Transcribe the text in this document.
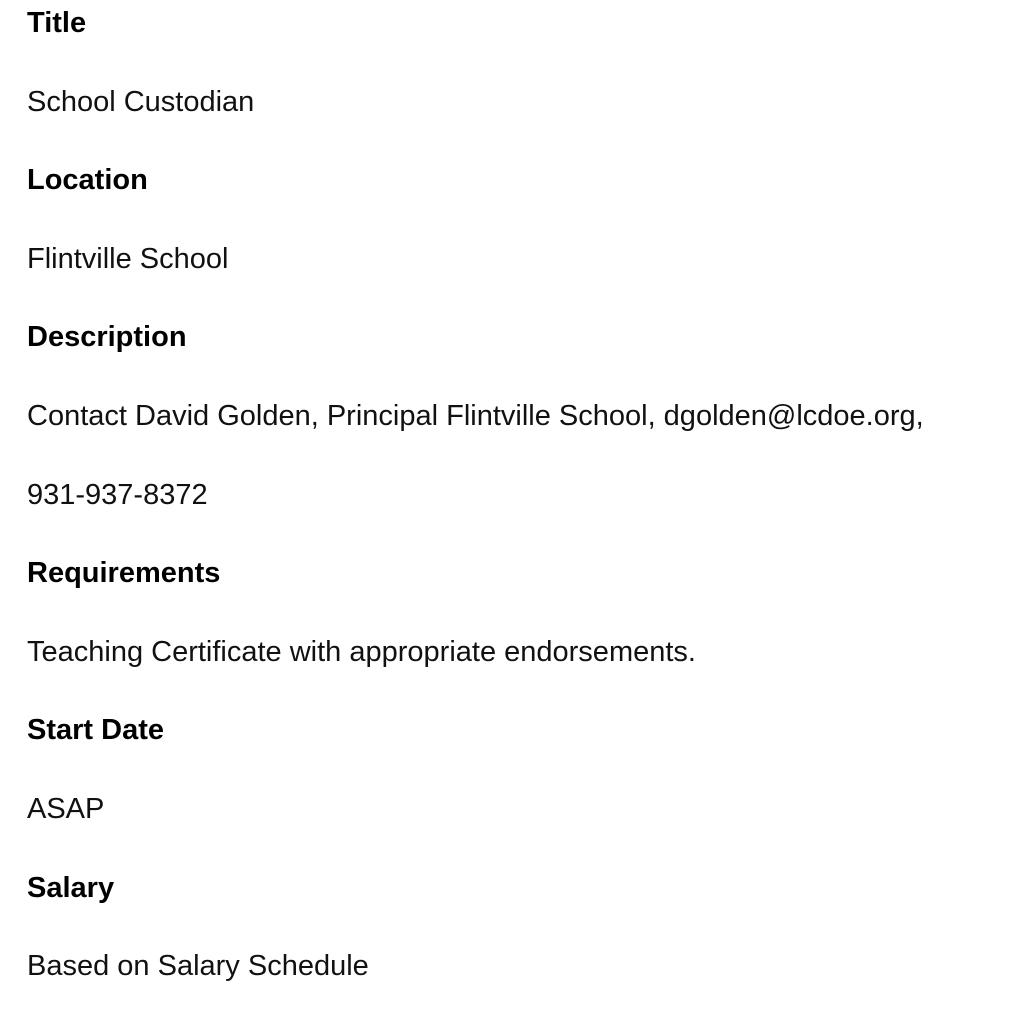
Title

School Custodian

Location

Flintville School

Description

Contact David Golden, Principal Flintville School, dgolden@lcdoe.org,

931-937-8372

Requirements

Teaching Certificate with appropriate endorsements.

Start Date

ASAP

Salary

Based on Salary Schedule
